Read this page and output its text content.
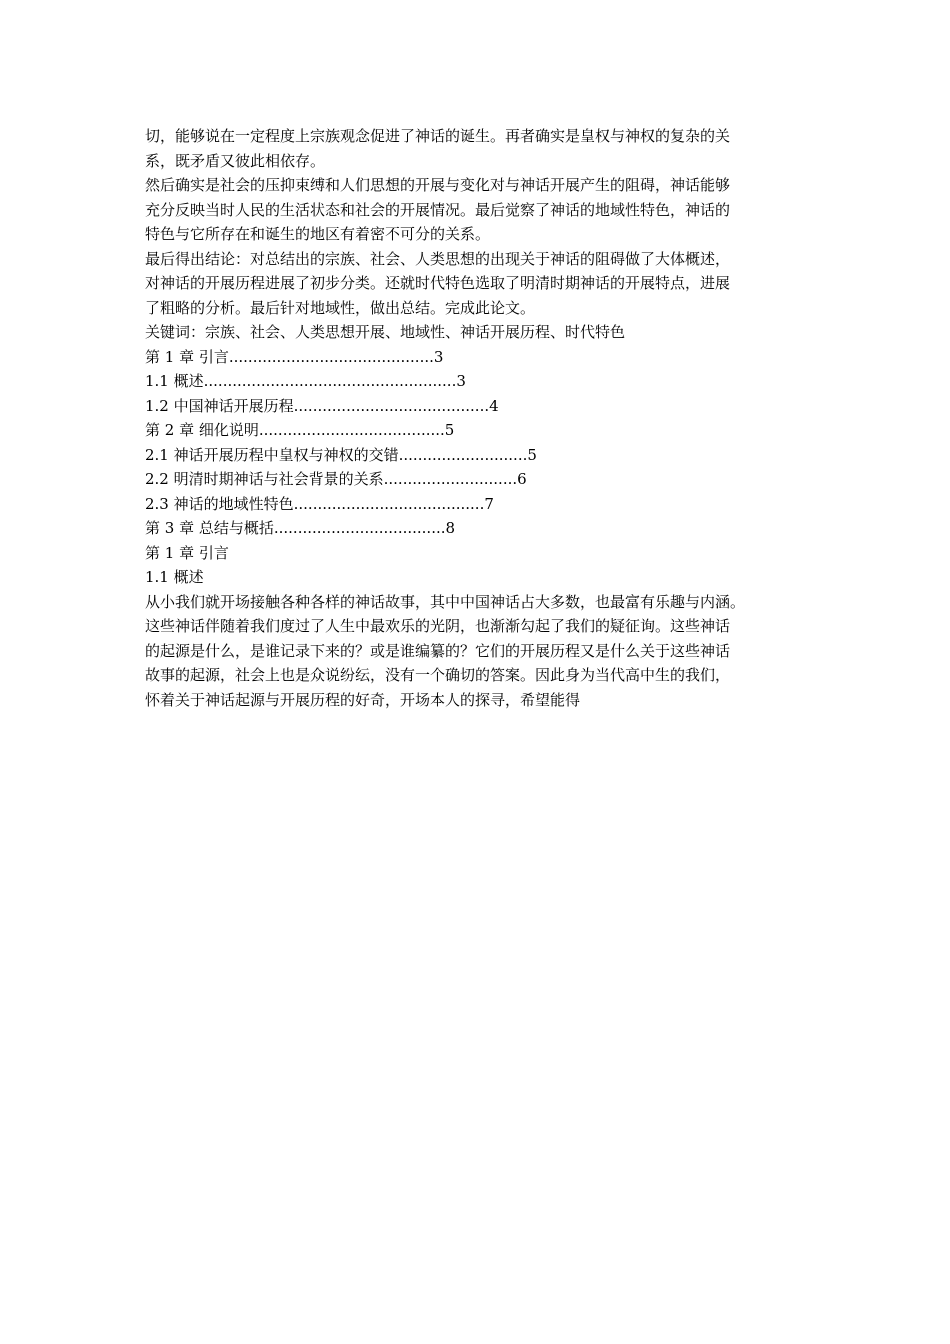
切，能够说在一定程度上宗族观念促进了神话的诞生。再者确实是皇权与神权的复杂的关
系，既矛盾又彼此相依存。
然后确实是社会的压抑束缚和人们思想的开展与变化对与神话开展产生的阻碍，神话能够
充分反映当时人民的生活状态和社会的开展情况。最后觉察了神话的地域性特色，神话的
特色与它所存在和诞生的地区有着密不可分的关系。
最后得出结论：对总结出的宗族、社会、人类思想的出现关于神话的阻碍做了大体概述，
对神话的开展历程进展了初步分类。还就时代特色选取了明清时期神话的开展特点，进展
了粗略的分析。最后针对地域性，做出总结。完成此论文。
关键词：宗族、社会、人类思想开展、地域性、神话开展历程、时代特色
第 1 章 引言...........................................3
1.1 概述.....................................................3
1.2 中国神话开展历程.........................................4
第 2 章 细化说明.......................................5
2.1 神话开展历程中皇权与神权的交错...........................5
2.2 明清时期神话与社会背景的关系............................6
2.3 神话的地域性特色........................................7
第 3 章 总结与概括....................................8
第 1 章 引言
1.1 概述
从小我们就开场接触各种各样的神话故事，其中中国神话占大多数，也最富有乐趣与内涵。
这些神话伴随着我们度过了人生中最欢乐的光阴，也渐渐勾起了我们的疑征询。这些神话
的起源是什么，是谁记录下来的？或是谁编纂的？它们的开展历程又是什么关于这些神话
故事的起源，社会上也是众说纷纭，没有一个确切的答案。因此身为当代高中生的我们，
怀着关于神话起源与开展历程的好奇，开场本人的探寻，希望能得
